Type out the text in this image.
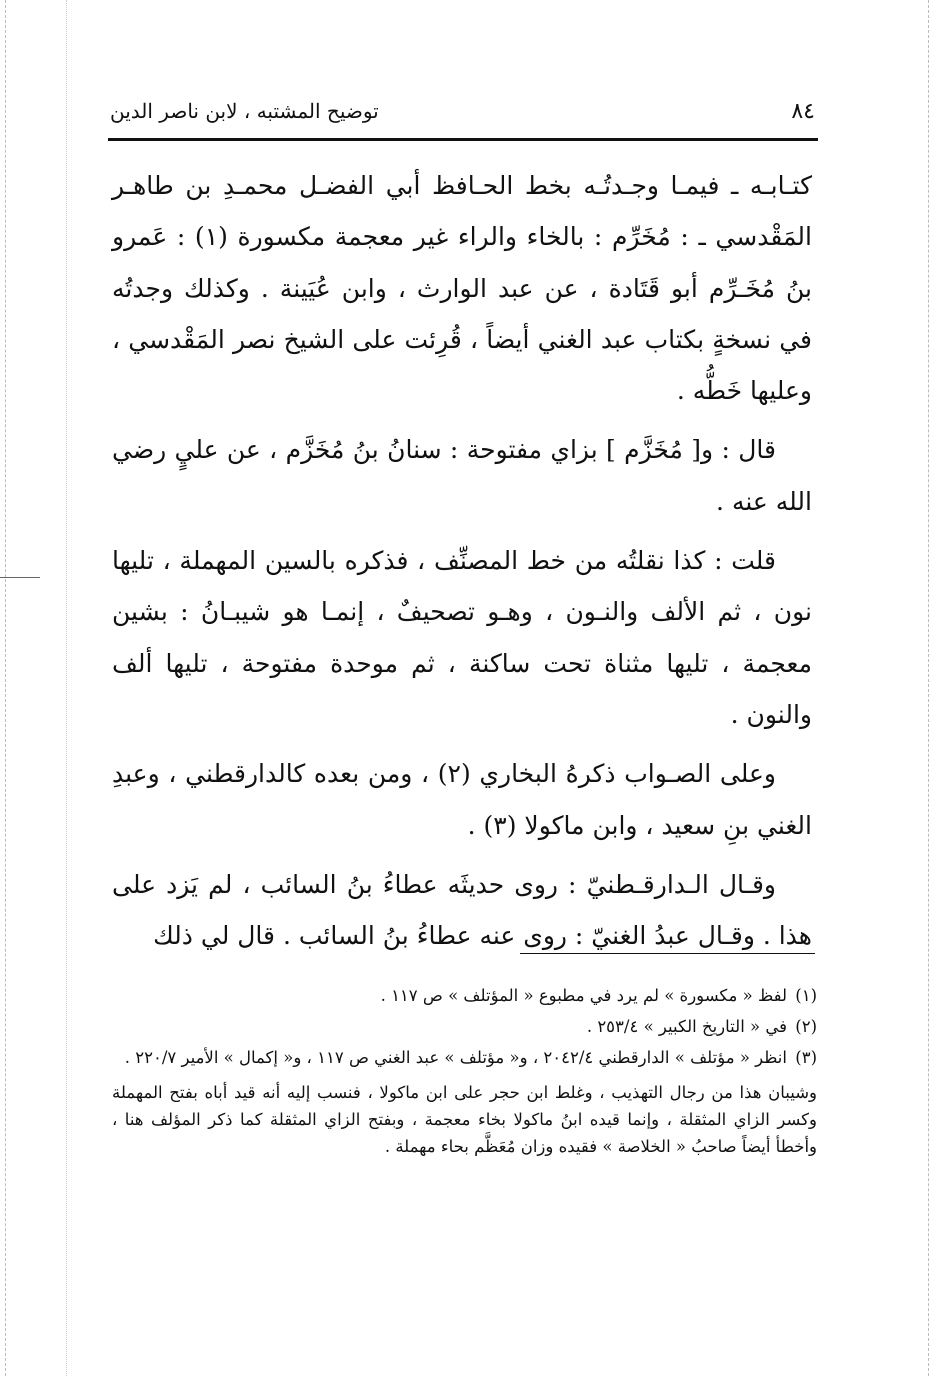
٨٤
توضيح المشتبه ، لابن ناصر الدين

كتـابـه ـ فيمـا وجـدتُـه بخط الحـافظ أبي الفضـل محمـدِ بن طاهـر المَقْدسي ـ : مُخَرِّم : بالخاء والراء غير معجمة مكسورة (١) : عَمرو بنُ مُخَـرِّم أبو قَتَادة ، عن عبد الوارث ، وابن عُيَينة . وكذلك وجدتُه في نسخةٍ بكتاب عبد الغني أيضاً ، قُرِئت على الشيخ نصر المَقْدسي ، وعليها خَطُّه .

قال : و[ مُخَزَّم ] بزاي مفتوحة : سنانُ بنُ مُخَزَّم ، عن عليٍ رضي الله عنه .

قلت : كذا نقلتُه من خط المصنِّف ، فذكره بالسين المهملة ، تليها نون ، ثم الألف والنـون ، وهـو تصحيفٌ ، إنمـا هو شيبـانُ : بشين معجمة ، تليها مثناة تحت ساكنة ، ثم موحدة مفتوحة ، تليها ألف والنون .

وعلى الصـواب ذكرهُ البخاري (٢) ، ومن بعده كالدارقطني ، وعبدِ الغني بنِ سعيد ، وابن ماكولا (٣) .

وقـال الـدارقـطنيّ : روى حديثَه عطاءُ بنُ السائب ، لم يَزد على هذا . وقـال عبدُ الغنيّ : روى عنه عطاءُ بنُ السائب . قال لي ذلك

(١)
لفظ « مكسورة » لم يرد في مطبوع « المؤتلف » ص ١١٧ .
(٢)
في « التاريخ الكبير » ٢٥٣/٤ .
(٣)
انظر « مؤتلف » الدارقطني ٢٠٤٢/٤ ، و« مؤتلف » عبد الغني ص ١١٧ ، و« إكمال » الأمير ٢٢٠/٧ .

وشيبان هذا من رجال التهذيب ، وغلط ابن حجر على ابن ماكولا ، فنسب إليه أنه قيد أباه بفتح المهملة وكسر الزاي المثقلة ، وإنما قيده ابنُ ماكولا بخاء معجمة ، وبفتح الزاي المثقلة كما ذكر المؤلف هنا ، وأخطأ أيضاً صاحبُ « الخلاصة » فقيده وزان مُعَظَّم بحاء مهملة .
